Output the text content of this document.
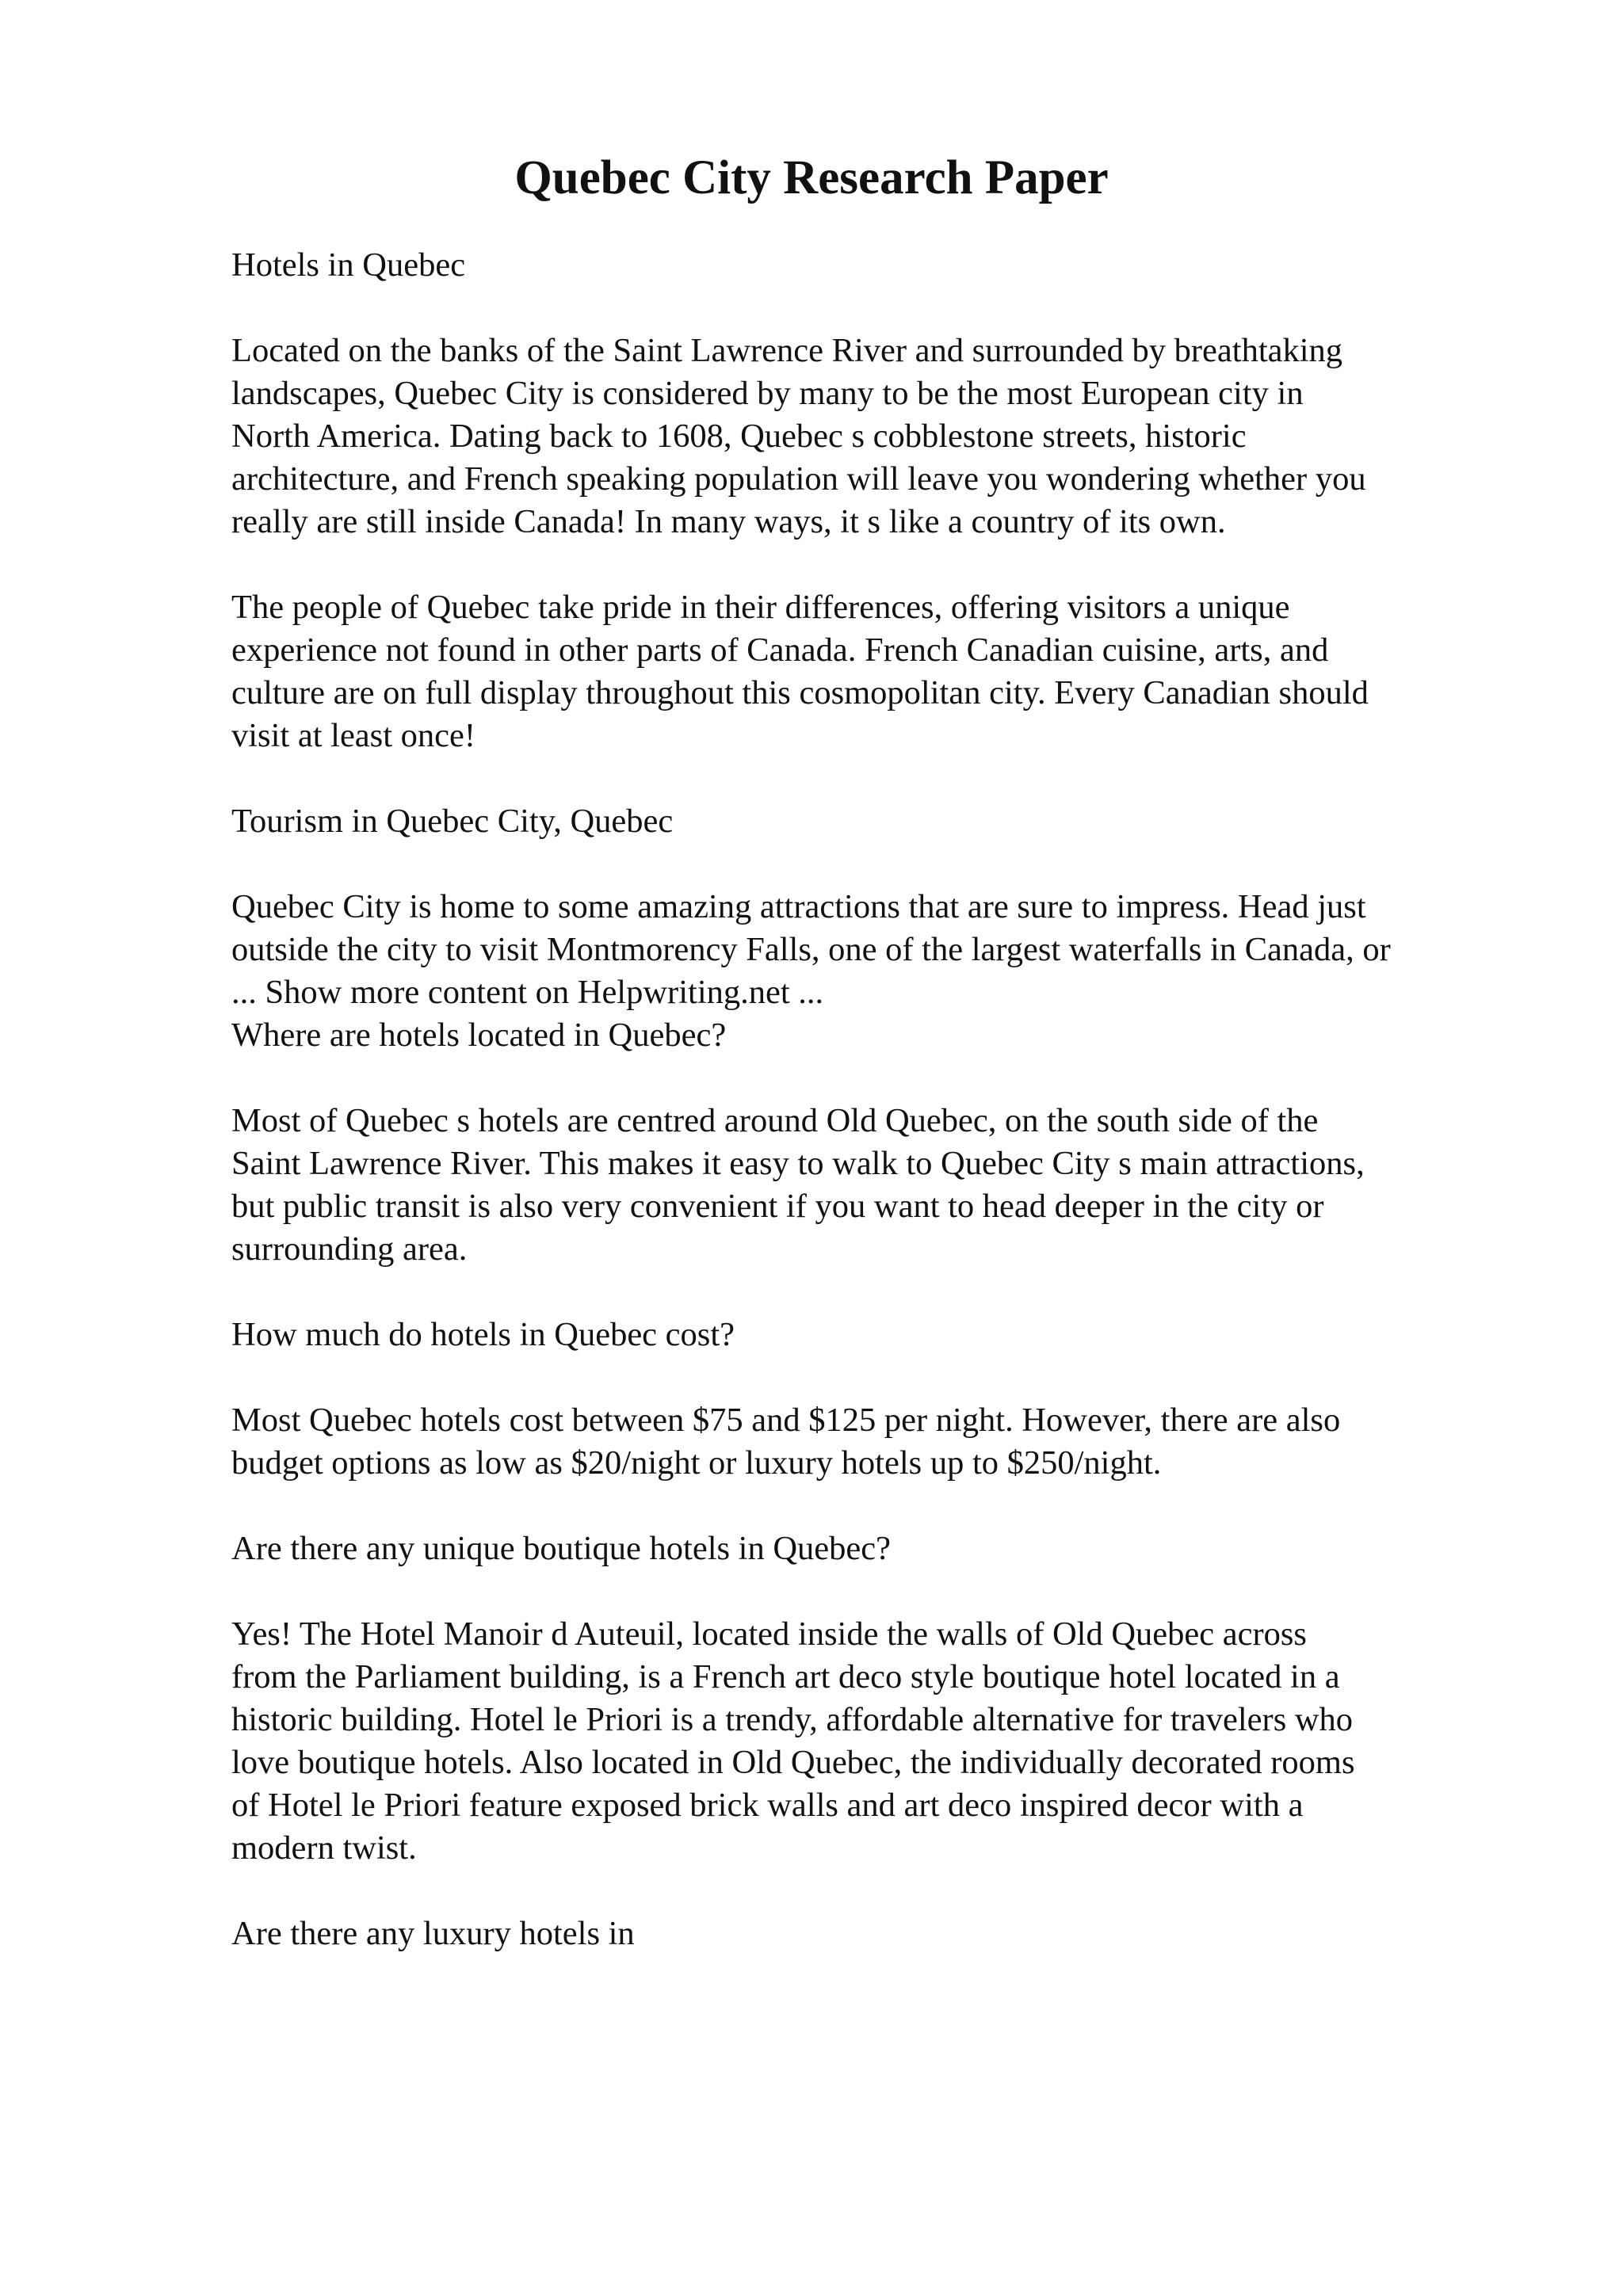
Quebec City Research Paper

Hotels in Quebec

Located on the banks of the Saint Lawrence River and surrounded by breathtaking
landscapes, Quebec City is considered by many to be the most European city in
North America. Dating back to 1608, Quebec s cobblestone streets, historic
architecture, and French speaking population will leave you wondering whether you
really are still inside Canada! In many ways, it s like a country of its own.

The people of Quebec take pride in their differences, offering visitors a unique
experience not found in other parts of Canada. French Canadian cuisine, arts, and
culture are on full display throughout this cosmopolitan city. Every Canadian should
visit at least once!

Tourism in Quebec City, Quebec

Quebec City is home to some amazing attractions that are sure to impress. Head just
outside the city to visit Montmorency Falls, one of the largest waterfalls in Canada, or
... Show more content on Helpwriting.net ...

Where are hotels located in Quebec?

Most of Quebec s hotels are centred around Old Quebec, on the south side of the
Saint Lawrence River. This makes it easy to walk to Quebec City s main attractions,
but public transit is also very convenient if you want to head deeper in the city or
surrounding area.

How much do hotels in Quebec cost?

Most Quebec hotels cost between $75 and $125 per night. However, there are also
budget options as low as $20/night or luxury hotels up to $250/night.

Are there any unique boutique hotels in Quebec?

Yes! The Hotel Manoir d Auteuil, located inside the walls of Old Quebec across
from the Parliament building, is a French art deco style boutique hotel located in a
historic building. Hotel le Priori is a trendy, affordable alternative for travelers who
love boutique hotels. Also located in Old Quebec, the individually decorated rooms
of Hotel le Priori feature exposed brick walls and art deco inspired decor with a
modern twist.

Are there any luxury hotels in
